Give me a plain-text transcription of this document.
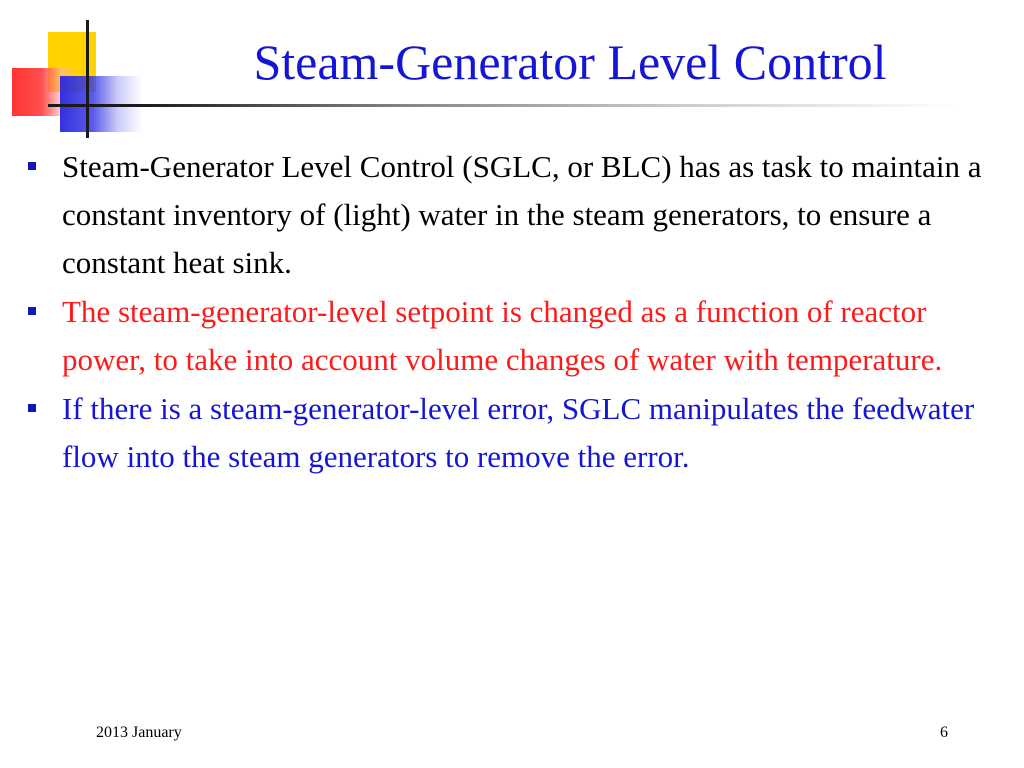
Steam-Generator Level Control
Steam-Generator Level Control (SGLC, or BLC) has as task to maintain a constant inventory of (light) water in the steam generators, to ensure a constant heat sink.
The steam-generator-level setpoint is changed as a function of reactor power, to take into account volume changes of water with temperature.
If there is a steam-generator-level error, SGLC manipulates the feedwater flow into the steam generators to remove the error.
2013 January	6
